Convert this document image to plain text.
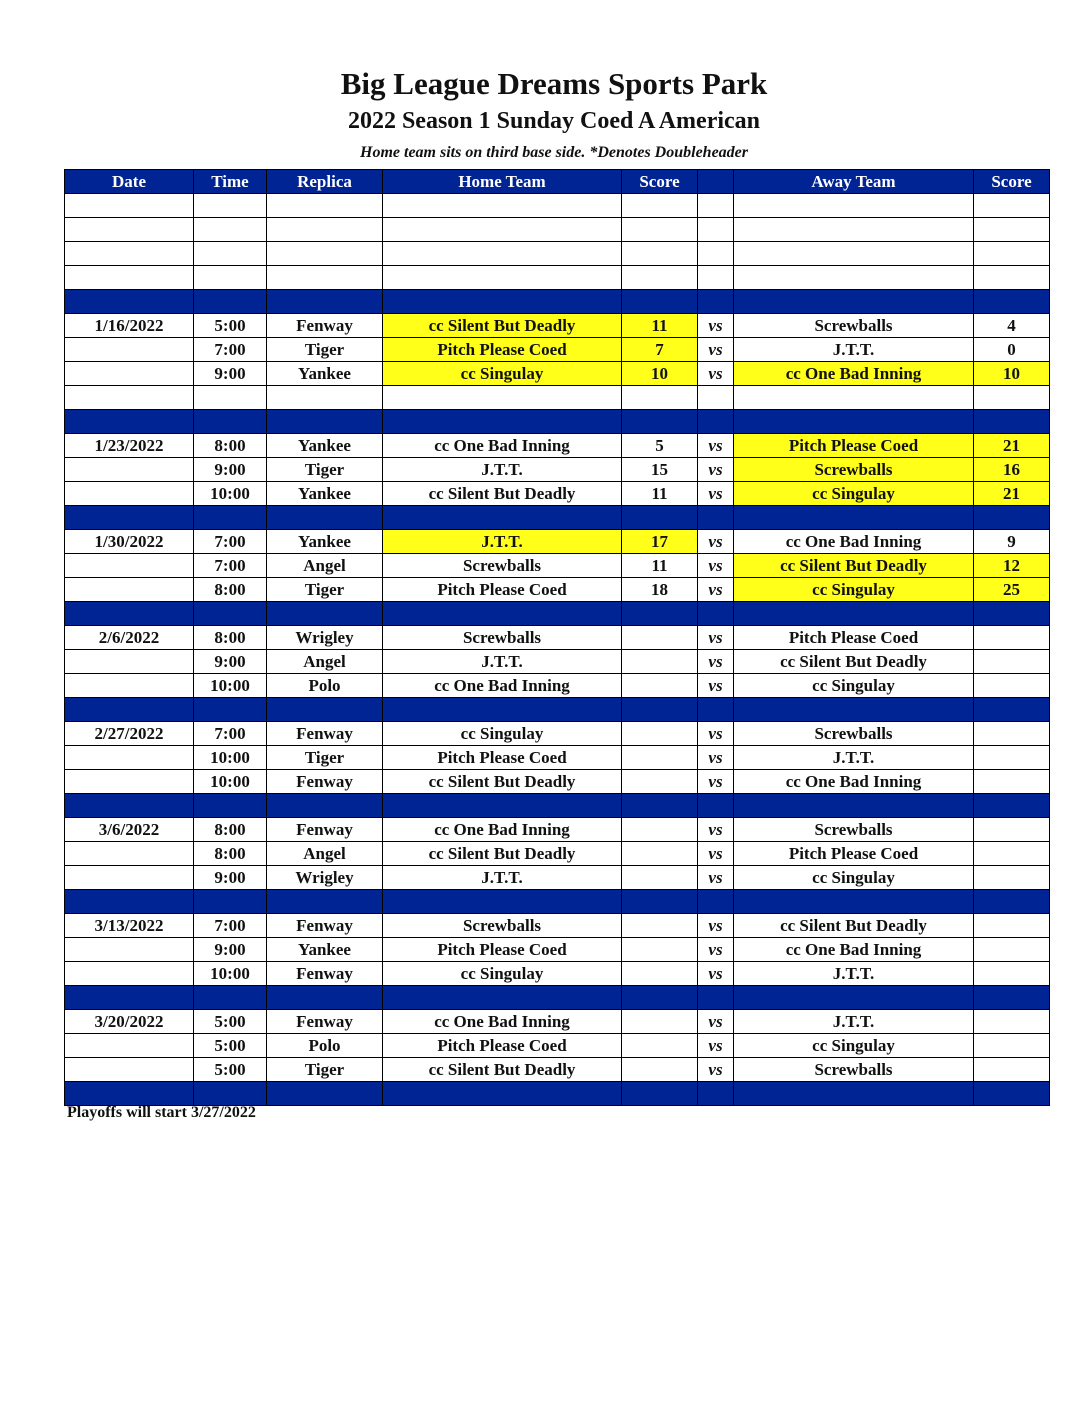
Big League Dreams Sports Park
2022 Season 1 Sunday Coed A American
Home team sits on third base side. *Denotes Doubleheader
Date	Time	Replica	Home Team	Score		Away Team	Score

1/16/2022	5:00	Fenway	cc Silent But Deadly	11	vs	Screwballs	4
	7:00	Tiger	Pitch Please Coed	7	vs	J.T.T.	0
	9:00	Yankee	cc Singulay	10	vs	cc One Bad Inning	10

1/23/2022	8:00	Yankee	cc One Bad Inning	5	vs	Pitch Please Coed	21
	9:00	Tiger	J.T.T.	15	vs	Screwballs	16
	10:00	Yankee	cc Silent But Deadly	11	vs	cc Singulay	21

1/30/2022	7:00	Yankee	J.T.T.	17	vs	cc One Bad Inning	9
	7:00	Angel	Screwballs	11	vs	cc Silent But Deadly	12
	8:00	Tiger	Pitch Please Coed	18	vs	cc Singulay	25

2/6/2022	8:00	Wrigley	Screwballs		vs	Pitch Please Coed	
	9:00	Angel	J.T.T.		vs	cc Silent But Deadly	
	10:00	Polo	cc One Bad Inning		vs	cc Singulay	

2/27/2022	7:00	Fenway	cc Singulay		vs	Screwballs	
	10:00	Tiger	Pitch Please Coed		vs	J.T.T.	
	10:00	Fenway	cc Silent But Deadly		vs	cc One Bad Inning	

3/6/2022	8:00	Fenway	cc One Bad Inning		vs	Screwballs	
	8:00	Angel	cc Silent But Deadly		vs	Pitch Please Coed	
	9:00	Wrigley	J.T.T.		vs	cc Singulay	

3/13/2022	7:00	Fenway	Screwballs		vs	cc Silent But Deadly	
	9:00	Yankee	Pitch Please Coed		vs	cc One Bad Inning	
	10:00	Fenway	cc Singulay		vs	J.T.T.	

3/20/2022	5:00	Fenway	cc One Bad Inning		vs	J.T.T.	
	5:00	Polo	Pitch Please Coed		vs	cc Singulay	
	5:00	Tiger	cc Silent But Deadly		vs	Screwballs	

Playoffs will start 3/27/2022
